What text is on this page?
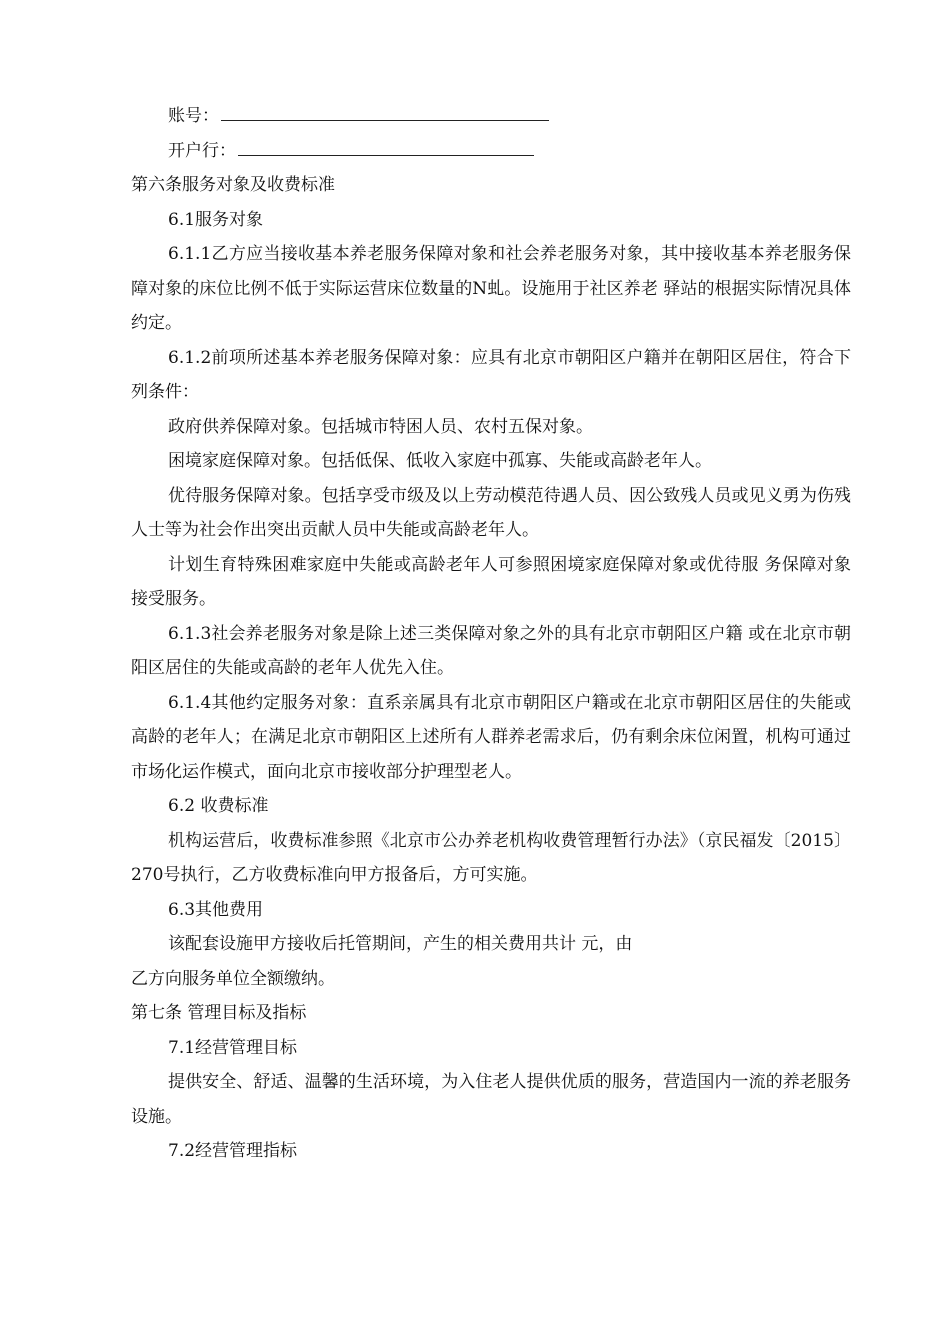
账号：
开户行：
第六条服务对象及收费标准
6.1服务对象

6.1.1乙方应当接收基本养老服务保障对象和社会养老服务对象，其中接收基本养老服务保障对象的床位比例不低于实际运营床位数量的N虬。设施用于社区养老 驿站的根据实际情况具体约定。

6.1.2前项所述基本养老服务保障对象：应具有北京市朝阳区户籍并在朝阳区居住，符合下列条件：

政府供养保障对象。包括城市特困人员、农村五保对象。

困境家庭保障对象。包括低保、低收入家庭中孤寡、失能或高龄老年人。

优待服务保障对象。包括享受市级及以上劳动模范待遇人员、因公致残人员或见义勇为伤残人士等为社会作出突出贡献人员中失能或高龄老年人。

计划生育特殊困难家庭中失能或高龄老年人可参照困境家庭保障对象或优待服 务保障对象接受服务。

6.1.3社会养老服务对象是除上述三类保障对象之外的具有北京市朝阳区户籍 或在北京市朝阳区居住的失能或高龄的老年人优先入住。

6.1.4其他约定服务对象：直系亲属具有北京市朝阳区户籍或在北京市朝阳区居住的失能或高龄的老年人；在满足北京市朝阳区上述所有人群养老需求后，仍有剩余床位闲置，机构可通过市场化运作模式，面向北京市接收部分护理型老人。

6.2 收费标准

机构运营后，收费标准参照《北京市公办养老机构收费管理暂行办法》（京民福发〔2015〕270号执行，乙方收费标准向甲方报备后，方可实施。

6.3其他费用
该配套设施甲方接收后托管期间，产生的相关费用共计 元，由
乙方向服务单位全额缴纳。
第七条 管理目标及指标
7.1经营管理目标

提供安全、舒适、温馨的生活环境，为入住老人提供优质的服务，营造国内一流的养老服务设施。

7.2经营管理指标
